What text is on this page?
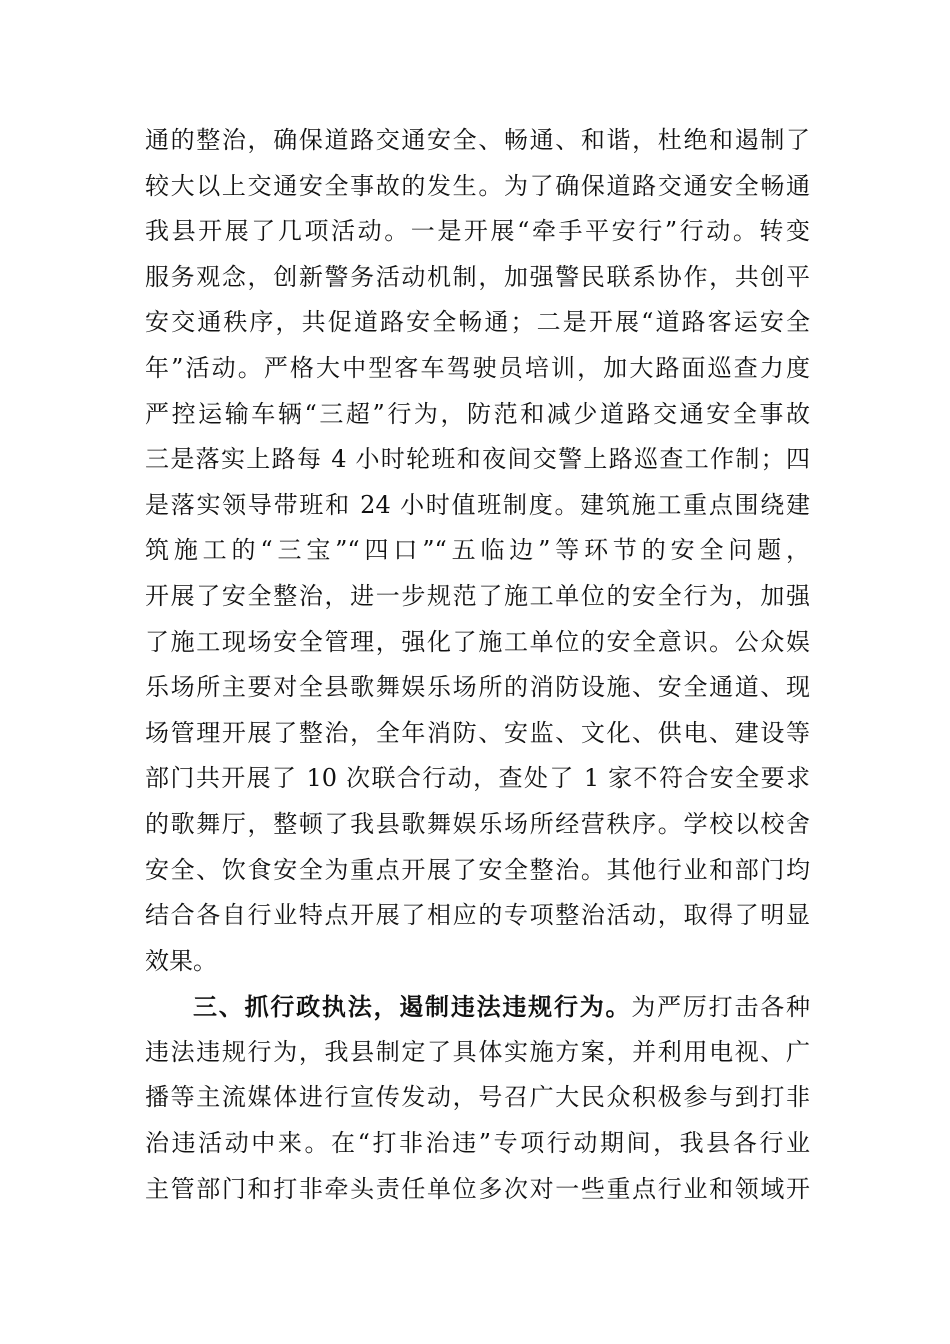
通的整治，确保道路交通安全、畅通、和谐，杜绝和遏制了
较大以上交通安全事故的发生。为了确保道路交通安全畅通
我县开展了几项活动。一是开展“牵手平安行”行动。转变
服务观念，创新警务活动机制，加强警民联系协作，共创平
安交通秩序，共促道路安全畅通；二是开展“道路客运安全
年”活动。严格大中型客车驾驶员培训，加大路面巡查力度
严控运输车辆“三超”行为，防范和减少道路交通安全事故
三是落实上路每 4 小时轮班和夜间交警上路巡查工作制；四
是落实领导带班和 24 小时值班制度。建筑施工重点围绕建
筑施工的“三宝”“四口”“五临边”等环节的安全问题，
开展了安全整治，进一步规范了施工单位的安全行为，加强
了施工现场安全管理，强化了施工单位的安全意识。公众娱
乐场所主要对全县歌舞娱乐场所的消防设施、安全通道、现
场管理开展了整治，全年消防、安监、文化、供电、建设等
部门共开展了 10 次联合行动，查处了 1 家不符合安全要求
的歌舞厅，整顿了我县歌舞娱乐场所经营秩序。学校以校舍
安全、饮食安全为重点开展了安全整治。其他行业和部门均
结合各自行业特点开展了相应的专项整治活动，取得了明显
效果。
三、抓行政执法，遏制违法违规行为。为严厉打击各种
违法违规行为，我县制定了具体实施方案，并利用电视、广
播等主流媒体进行宣传发动，号召广大民众积极参与到打非
治违活动中来。在“打非治违”专项行动期间，我县各行业
主管部门和打非牵头责任单位多次对一些重点行业和领域开
